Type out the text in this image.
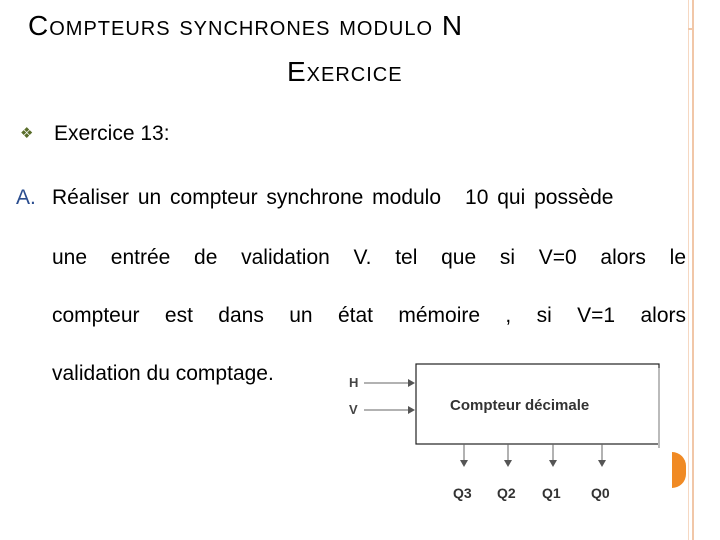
Compteurs synchrones modulo N
Exercice
❖ Exercice 13:
A. Réaliser un compteur synchrone modulo 10 qui possède
une entrée de validation V. tel que si V=0 alors le
compteur est dans un état mémoire , si V=1 alors
validation du comptage.
Compteur décimale
H
V
Q3 Q2 Q1 Q0
